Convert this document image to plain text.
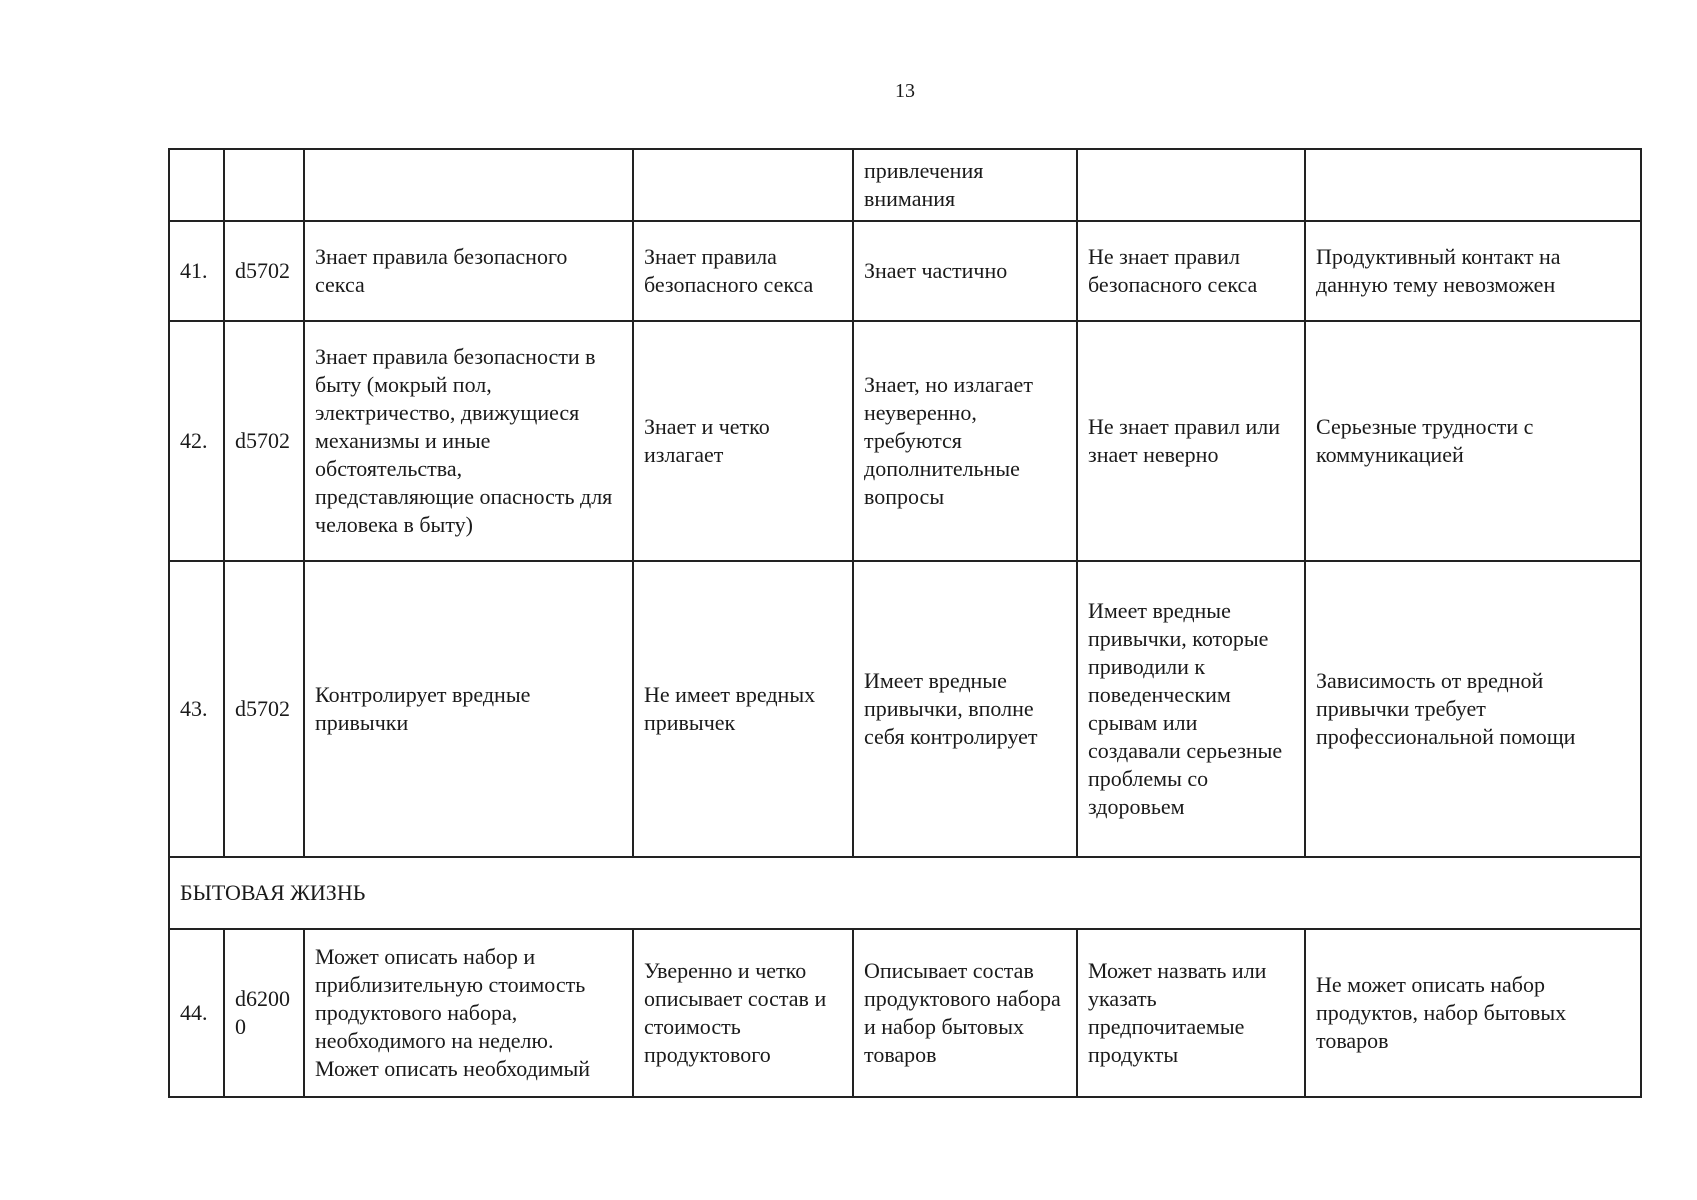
13
				привлечения внимания		
41.	d5702	Знает правила безопасного секса	Знает правила безопасного секса	Знает частично	Не знает правил безопасного секса	Продуктивный контакт на данную тему невозможен
42.	d5702	Знает правила безопасности в быту (мокрый пол, электричество, движущиеся механизмы и иные обстоятельства, представляющие опасность для человека в быту)	Знает и четко излагает	Знает, но излагает неуверенно, требуются дополнительные вопросы	Не знает правил или знает неверно	Серьезные трудности с коммуникацией
43.	d5702	Контролирует вредные привычки	Не имеет вредных привычек	Имеет вредные привычки, вполне себя контролирует	Имеет вредные привычки, которые приводили к поведенческим срывам или создавали серьезные проблемы со здоровьем	Зависимость от вредной привычки требует профессиональной помощи
БЫТОВАЯ ЖИЗНЬ						
44.	d62000	Может описать набор и приблизительную стоимость продуктового набора, необходимого на неделю. Может описать необходимый	Уверенно и четко описывает состав и стоимость продуктового	Описывает состав продуктового набора и набор бытовых товаров	Может назвать или указать предпочитаемые продукты	Не может описать набор продуктов, набор бытовых товаров
